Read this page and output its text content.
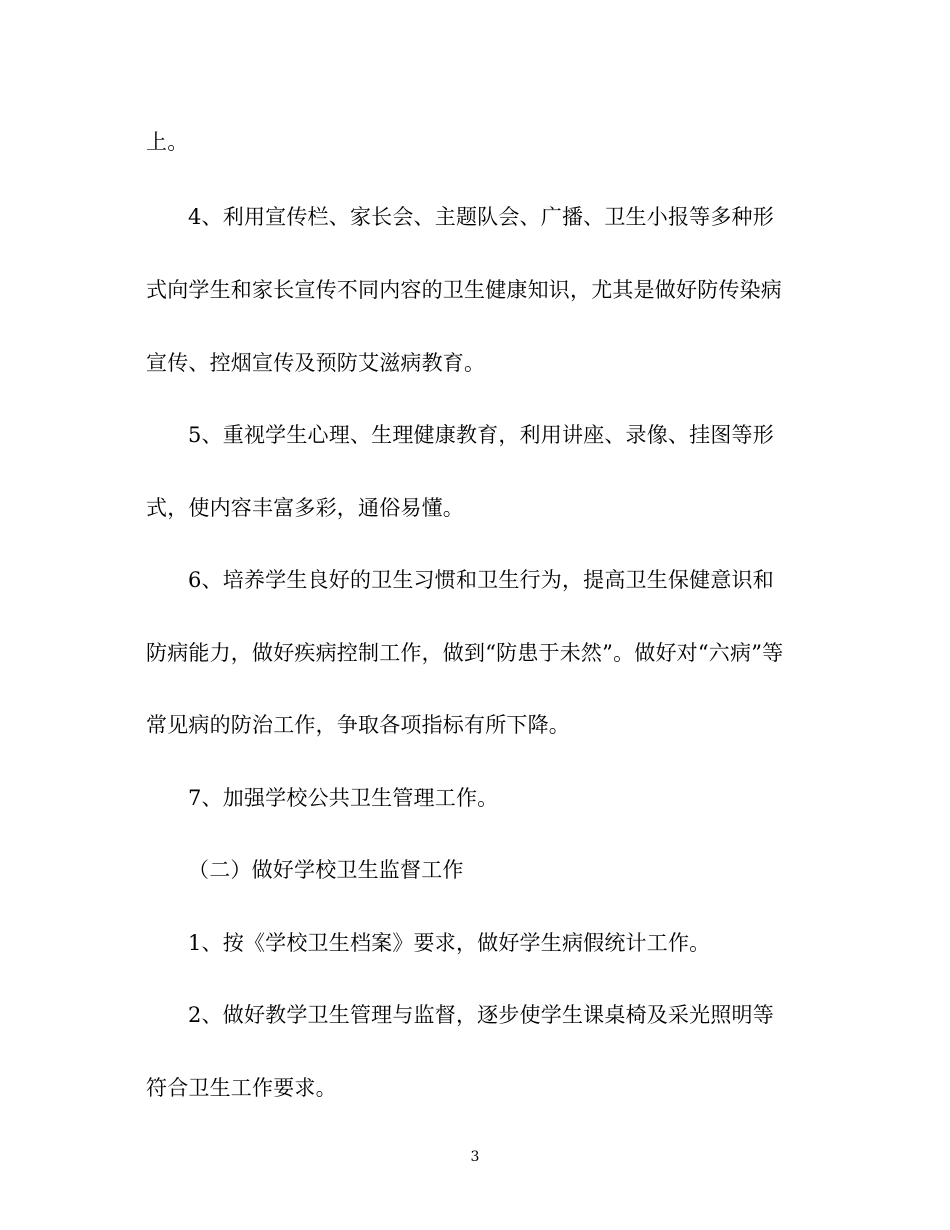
上。
4、利用宣传栏、家长会、主题队会、广播、卫生小报等多种形
式向学生和家长宣传不同内容的卫生健康知识，尤其是做好防传染病
宣传、控烟宣传及预防艾滋病教育。
5、重视学生心理、生理健康教育，利用讲座、录像、挂图等形
式，使内容丰富多彩，通俗易懂。
6、培养学生良好的卫生习惯和卫生行为，提高卫生保健意识和
防病能力，做好疾病控制工作，做到“防患于未然”。做好对“六病”等
常见病的防治工作，争取各项指标有所下降。
7、加强学校公共卫生管理工作。
（二）做好学校卫生监督工作
1、按《学校卫生档案》要求，做好学生病假统计工作。
2、做好教学卫生管理与监督，逐步使学生课桌椅及采光照明等
符合卫生工作要求。
3
